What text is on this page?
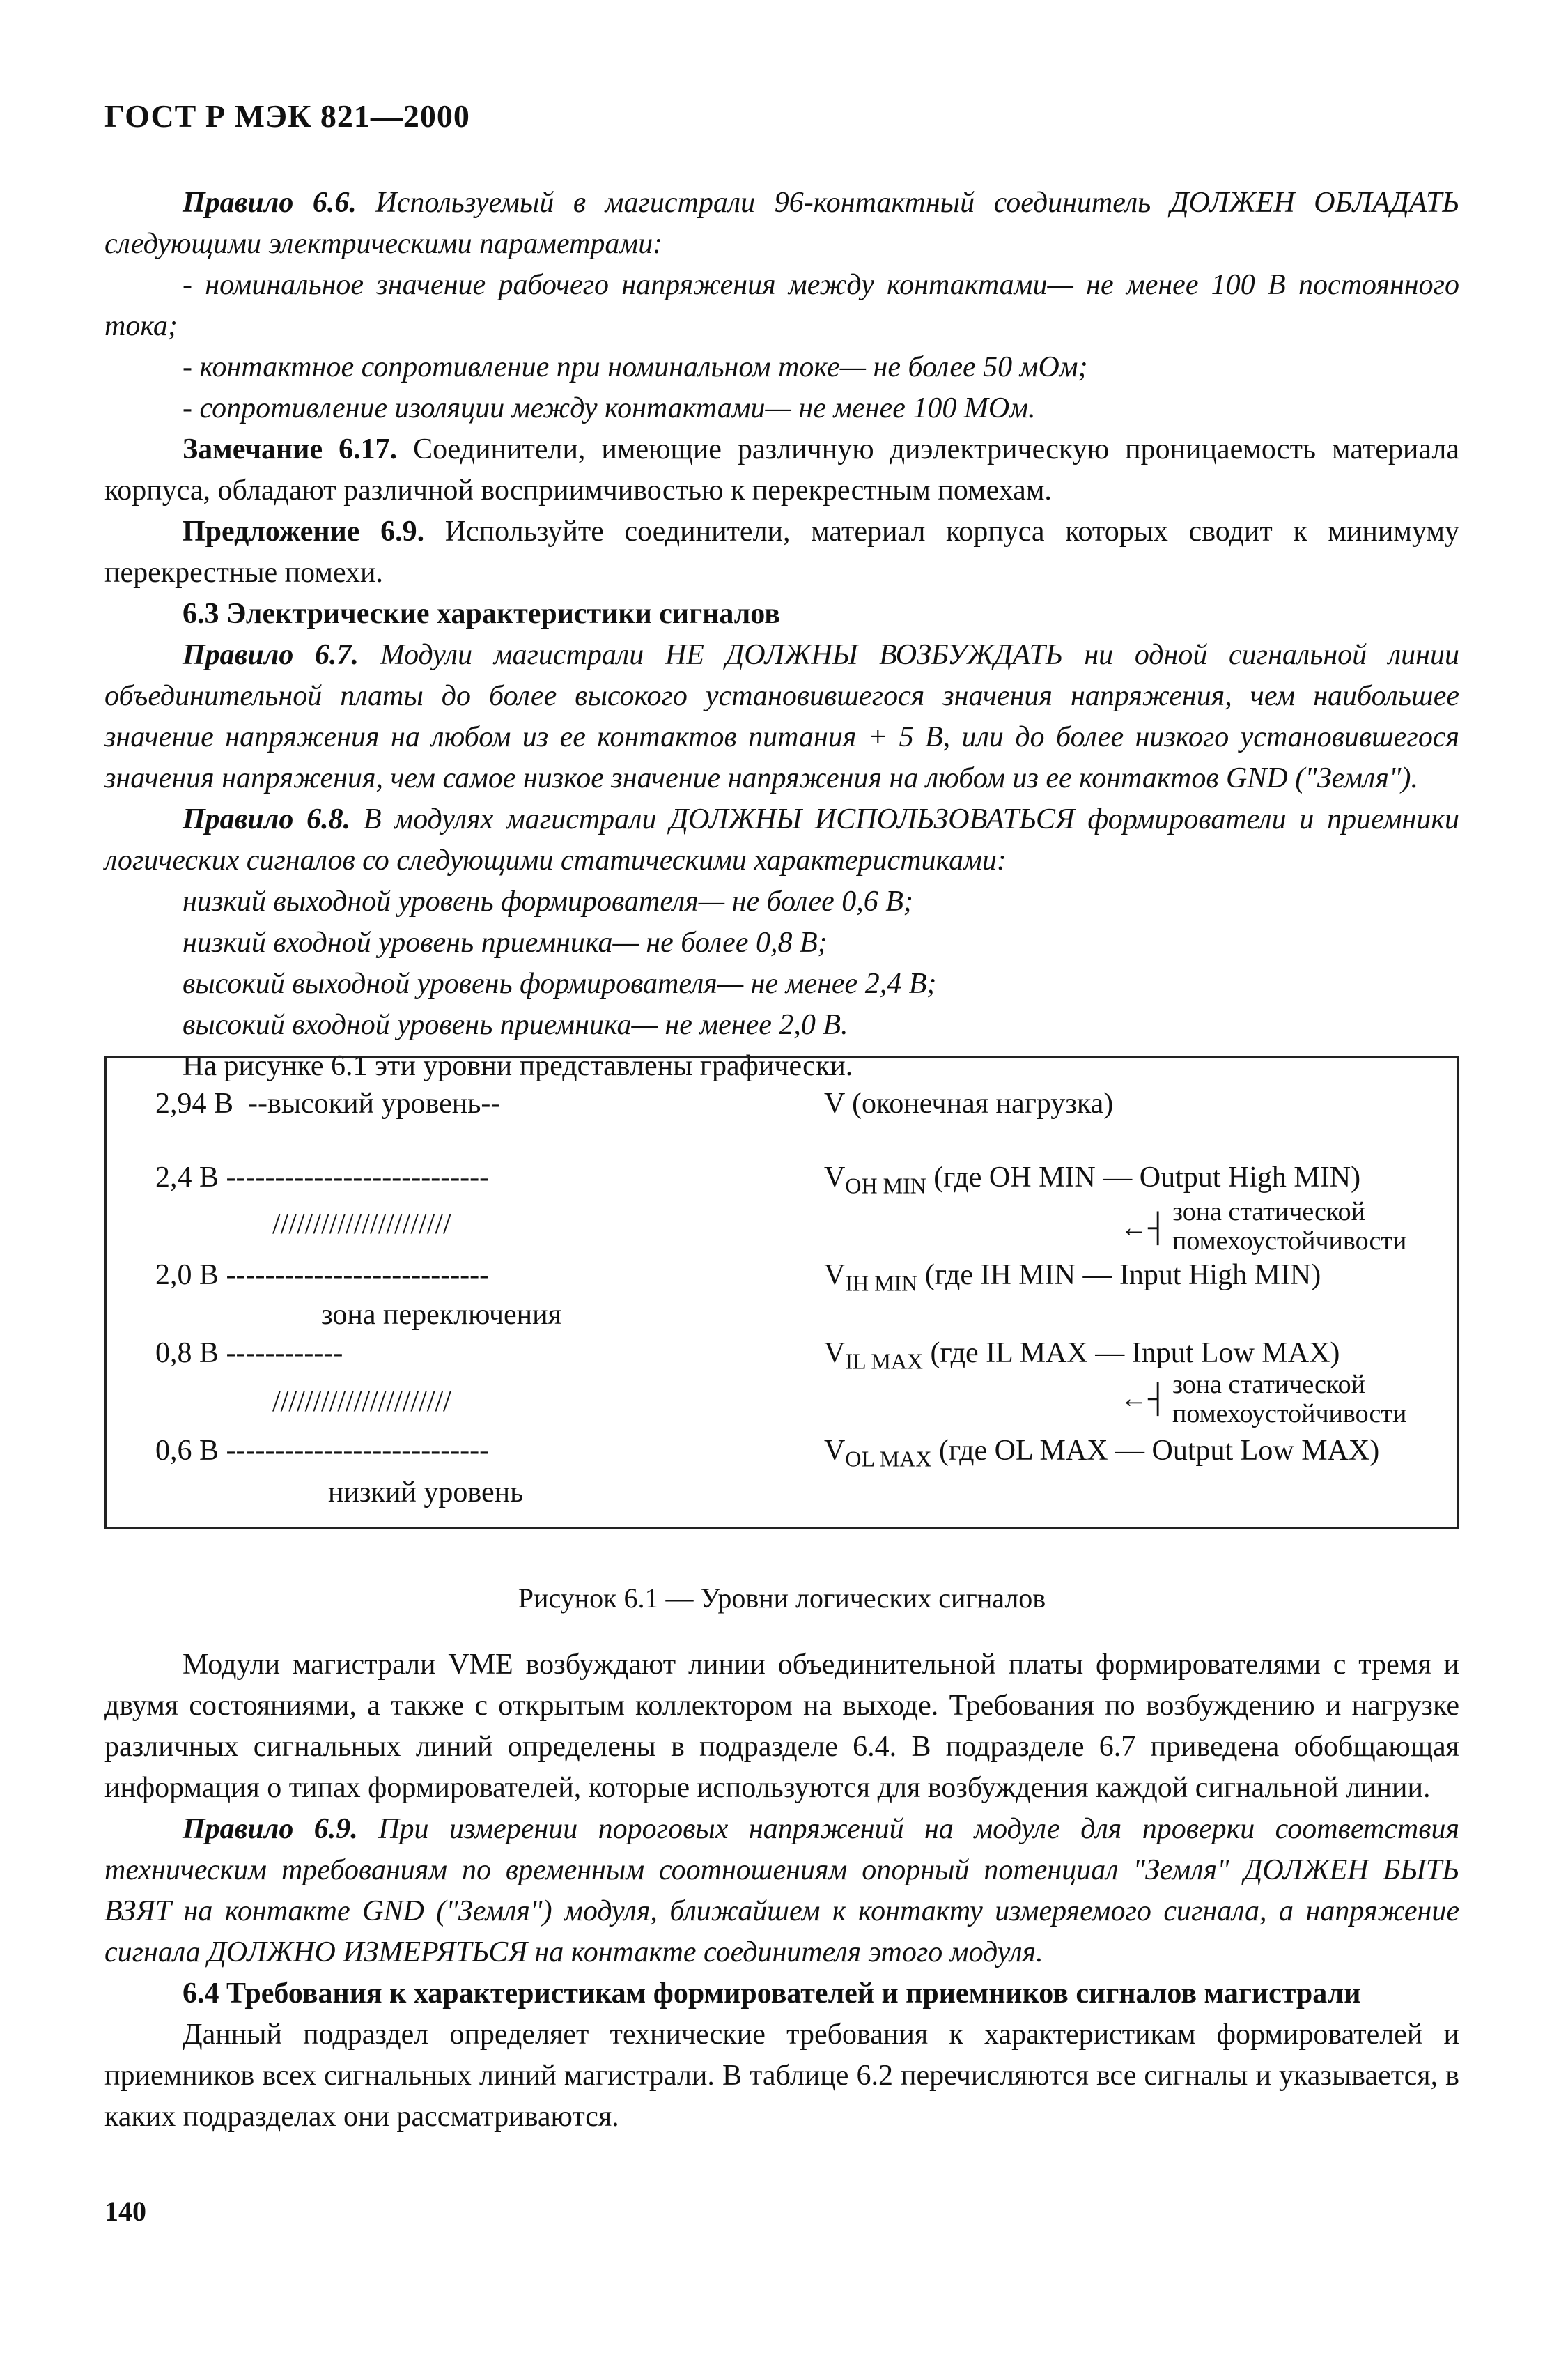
ГОСТ Р МЭК 821—2000

Правило 6.6. Используемый в магистрали 96-контактный соединитель ДОЛЖЕН ОБЛАДАТЬ следующими электрическими параметрами:

- номинальное значение рабочего напряжения между контактами— не менее 100 В постоянного тока;

- контактное сопротивление при номинальном токе— не более 50 мОм;

- сопротивление изоляции между контактами— не менее 100 МОм.

Замечание 6.17. Соединители, имеющие различную диэлектрическую проницаемость материала корпуса, обладают различной восприимчивостью к перекрестным помехам.

Предложение 6.9. Используйте соединители, материал корпуса которых сводит к минимуму перекрестные помехи.

6.3 Электрические характеристики сигналов

Правило 6.7. Модули магистрали НЕ ДОЛЖНЫ ВОЗБУЖДАТЬ ни одной сигнальной линии объединительной платы до более высокого установившегося значения напряжения, чем наибольшее значение напряжения на любом из ее контактов питания + 5 В, или до более низкого установившегося значения напряжения, чем самое низкое значение напряжения на любом из ее контактов GND ("Земля").

Правило 6.8. В модулях магистрали ДОЛЖНЫ ИСПОЛЬЗОВАТЬСЯ формирователи и приемники логических сигналов со следующими статическими характеристиками:

низкий выходной уровень формирователя— не более 0,6 В;

низкий входной уровень приемника— не более 0,8 В;

высокий выходной уровень формирователя— не менее 2,4 В;

высокий входной уровень приемника— не менее 2,0 В.

На рисунке 6.1 эти уровни представлены графически.

2,94 В  --высокий уровень--
2,4 В ---------------------------
//////////////////////
2,0 В ---------------------------
зона переключения
0,8 В ------------
//////////////////////
0,6 В ---------------------------
низкий уровень
V (оконечная нагрузка)
$V_{OH MIN}$ (где OH MIN — Output High MIN)
←┤ зона статической
помехоустойчивости
$V_{IH MIN}$ (где IH MIN — Input High MIN)
$V_{IL MAX}$ (где IL MAX — Input Low MAX)
←┤ зона статической
помехоустойчивости
$V_{OL MAX}$ (где OL MAX — Output Low MAX)
Рисунок 6.1 — Уровни логических сигналов

Модули магистрали VME возбуждают линии объединительной платы формирователями с тремя и двумя состояниями, а также с открытым коллектором на выходе. Требования по возбуждению и нагрузке различных сигнальных линий определены в подразделе 6.4. В подразделе 6.7 приведена обобщающая информация о типах формирователей, которые используются для возбуждения каждой сигнальной линии.

Правило 6.9. При измерении пороговых напряжений на модуле для проверки соответствия техническим требованиям по временным соотношениям опорный потенциал "Земля" ДОЛЖЕН БЫТЬ ВЗЯТ на контакте GND ("Земля") модуля, ближайшем к контакту измеряемого сигнала, а напряжение сигнала ДОЛЖНО ИЗМЕРЯТЬСЯ на контакте соединителя этого модуля.

6.4 Требования к характеристикам формирователей и приемников сигналов магистрали

Данный подраздел определяет технические требования к характеристикам формирователей и приемников всех сигнальных линий магистрали. В таблице 6.2 перечисляются все сигналы и указывается, в каких подразделах они рассматриваются.

140
